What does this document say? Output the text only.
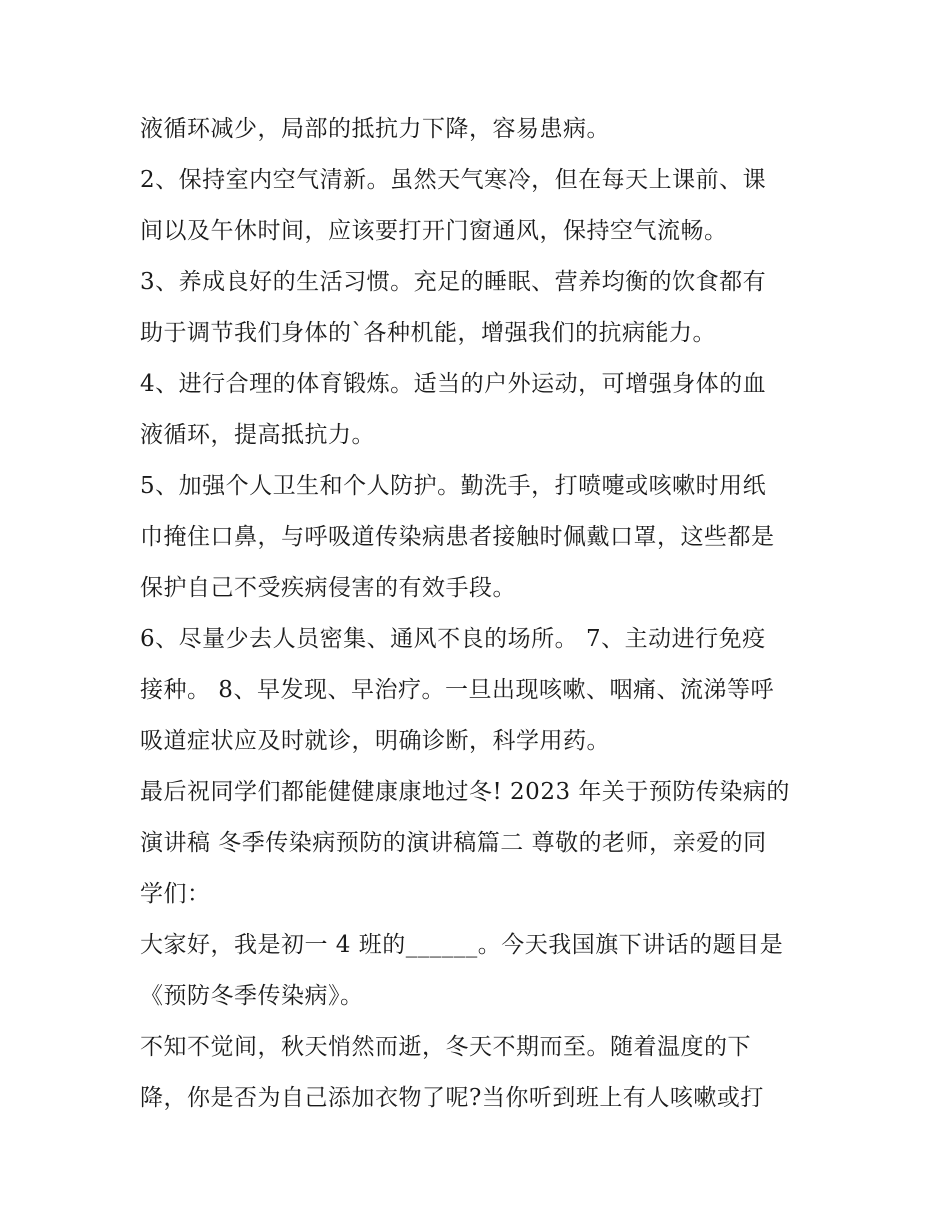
液循环减少，局部的抵抗力下降，容易患病。
2、保持室内空气清新。虽然天气寒冷，但在每天上课前、课
间以及午休时间，应该要打开门窗通风，保持空气流畅。
3、养成良好的生活习惯。充足的睡眠、营养均衡的饮食都有
助于调节我们身体的`各种机能，增强我们的抗病能力。
4、进行合理的体育锻炼。适当的户外运动，可增强身体的血
液循环，提高抵抗力。
5、加强个人卫生和个人防护。勤洗手，打喷嚏或咳嗽时用纸
巾掩住口鼻，与呼吸道传染病患者接触时佩戴口罩，这些都是
保护自己不受疾病侵害的有效手段。
6、尽量少去人员密集、通风不良的场所。 7、主动进行免疫
接种。 8、早发现、早治疗。一旦出现咳嗽、咽痛、流涕等呼
吸道症状应及时就诊，明确诊断，科学用药。
最后祝同学们都能健健康康地过冬! 2023 年关于预防传染病的
演讲稿 冬季传染病预防的演讲稿篇二 尊敬的老师，亲爱的同
学们：
大家好，我是初一 4 班的______。今天我国旗下讲话的题目是
《预防冬季传染病》。
不知不觉间，秋天悄然而逝，冬天不期而至。随着温度的下
降，你是否为自己添加衣物了呢?当你听到班上有人咳嗽或打
